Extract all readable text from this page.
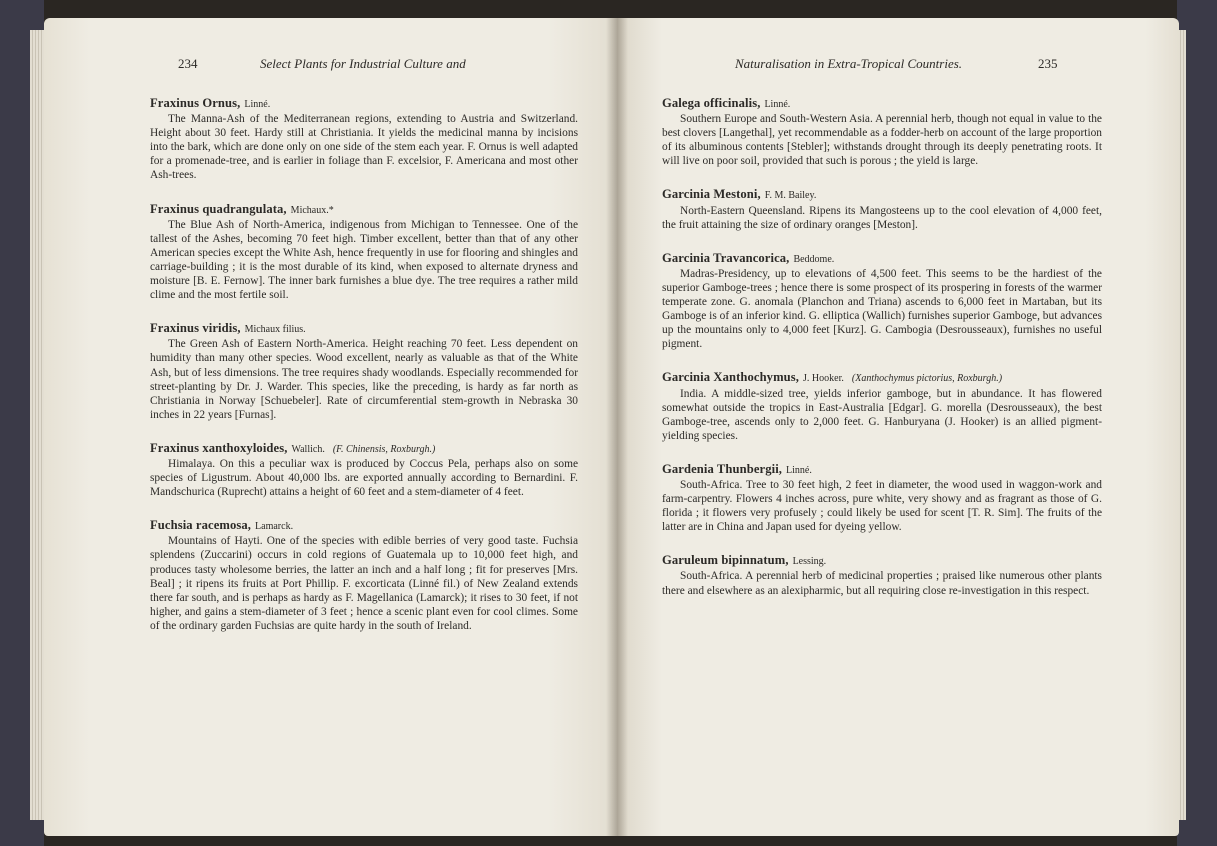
234	Select Plants for Industrial Culture and	Naturalisation in Extra-Tropical Countries.	235

Fraxinus Ornus, Linné.

The Manna-Ash of the Mediterranean regions, extending to Austria and Switzerland. Height about 30 feet. Hardy still at Christiania. It yields the medicinal manna by incisions into the bark, which are done only on one side of the stem each year. F. Ornus is well adapted for a promenade-tree, and is earlier in foliage than F. excelsior, F. Americana and most other Ash-trees.

Fraxinus quadrangulata, Michaux.*

The Blue Ash of North-America, indigenous from Michigan to Tennessee. One of the tallest of the Ashes, becoming 70 feet high. Timber excellent, better than that of any other American species except the White Ash, hence frequently in use for flooring and shingles and carriage-building ; it is the most durable of its kind, when exposed to alternate dryness and moisture [B. E. Fernow]. The inner bark furnishes a blue dye. The tree requires a rather mild clime and the most fertile soil.

Fraxinus viridis, Michaux filius.

The Green Ash of Eastern North-America. Height reaching 70 feet. Less dependent on humidity than many other species. Wood excellent, nearly as valuable as that of the White Ash, but of less dimensions. The tree requires shady woodlands. Especially recommended for street-planting by Dr. J. Warder. This species, like the preceding, is hardy as far north as Christiania in Norway [Schuebeler]. Rate of circumferential stem-growth in Nebraska 30 inches in 22 years [Furnas].

Fraxinus xanthoxyloides, Wallich. (F. Chinensis, Roxburgh.)

Himalaya. On this a peculiar wax is produced by Coccus Pela, perhaps also on some species of Ligustrum. About 40,000 lbs. are exported annually according to Bernardini. F. Mandschurica (Ruprecht) attains a height of 60 feet and a stem-diameter of 4 feet.

Fuchsia racemosa, Lamarck.

Mountains of Hayti. One of the species with edible berries of very good taste. Fuchsia splendens (Zuccarini) occurs in cold regions of Guatemala up to 10,000 feet high, and produces tasty wholesome berries, the latter an inch and a half long ; fit for preserves [Mrs. Beal] ; it ripens its fruits at Port Phillip. F. excorticata (Linné fil.) of New Zealand extends there far south, and is perhaps as hardy as F. Magellanica (Lamarck); it rises to 30 feet, if not higher, and gains a stem-diameter of 3 feet ; hence a scenic plant even for cool climes. Some of the ordinary garden Fuchsias are quite hardy in the south of Ireland.

Galega officinalis, Linné.

Southern Europe and South-Western Asia. A perennial herb, though not equal in value to the best clovers [Langethal], yet recommendable as a fodder-herb on account of the large proportion of its albuminous contents [Stebler]; withstands drought through its deeply penetrating roots. It will live on poor soil, provided that such is porous ; the yield is large.

Garcinia Mestoni, F. M. Bailey.

North-Eastern Queensland. Ripens its Mangosteens up to the cool elevation of 4,000 feet, the fruit attaining the size of ordinary oranges [Meston].

Garcinia Travancorica, Beddome.

Madras-Presidency, up to elevations of 4,500 feet. This seems to be the hardiest of the superior Gamboge-trees ; hence there is some prospect of its prospering in forests of the warmer temperate zone. G. anomala (Planchon and Triana) ascends to 6,000 feet in Martaban, but its Gamboge is of an inferior kind. G. elliptica (Wallich) furnishes superior Gamboge, but advances up the mountains only to 4,000 feet [Kurz]. G. Cambogia (Desrousseaux), furnishes no useful pigment.

Garcinia Xanthochymus, J. Hooker. (Xanthochymus pictorius, Roxburgh.)

India. A middle-sized tree, yields inferior gamboge, but in abundance. It has flowered somewhat outside the tropics in East-Australia [Edgar]. G. morella (Desrousseaux), the best Gamboge-tree, ascends only to 2,000 feet. G. Hanburyana (J. Hooker) is an allied pigment-yielding species.

Gardenia Thunbergii, Linné.

South-Africa. Tree to 30 feet high, 2 feet in diameter, the wood used in waggon-work and farm-carpentry. Flowers 4 inches across, pure white, very showy and as fragrant as those of G. florida ; it flowers very profusely ; could likely be used for scent [T. R. Sim]. The fruits of the latter are in China and Japan used for dyeing yellow.

Garuleum bipinnatum, Lessing.

South-Africa. A perennial herb of medicinal properties ; praised like numerous other plants there and elsewhere as an alexipharmic, but all requiring close re-investigation in this respect.
